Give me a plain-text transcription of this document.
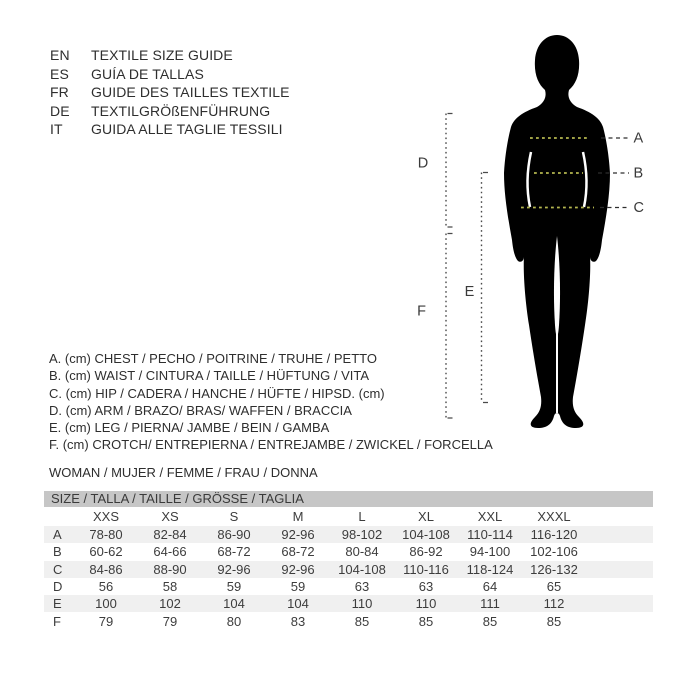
EN TEXTILE SIZE GUIDE
ES GUÍA DE TALLAS
FR GUIDE DES TAILLES TEXTILE
DE TEXTILGRÖßENFÜHRUNG
IT GUIDA ALLE TAGLIE TESSILI
A
B
C
D
E
F
A. (cm) CHEST / PECHO / POITRINE / TRUHE / PETTO
B. (cm) WAIST / CINTURA / TAILLE / HÜFTUNG / VITA
C. (cm) HIP / CADERA / HANCHE / HÜFTE / HIPSD. (cm)
D. (cm) ARM / BRAZO/ BRAS/ WAFFEN / BRACCIA
E. (cm) LEG / PIERNA/ JAMBE / BEIN / GAMBA
F. (cm) CROTCH/ ENTREPIERNA / ENTREJAMBE / ZWICKEL / FORCELLA
WOMAN / MUJER / FEMME / FRAU / DONNA
SIZE / TALLA / TAILLE / GRÖSSE / TAGLIA
XXS	XS	S	M	L	XL	XXL	XXXL
A	78-80	82-84	86-90	92-96	98-102	104-108	110-114	116-120
B	60-62	64-66	68-72	68-72	80-84	86-92	94-100	102-106
C	84-86	88-90	92-96	92-96	104-108	110-116	118-124	126-132
D	56	58	59	59	63	63	64	65
E	100	102	104	104	110	110	111	112
F	79	79	80	83	85	85	85	85
